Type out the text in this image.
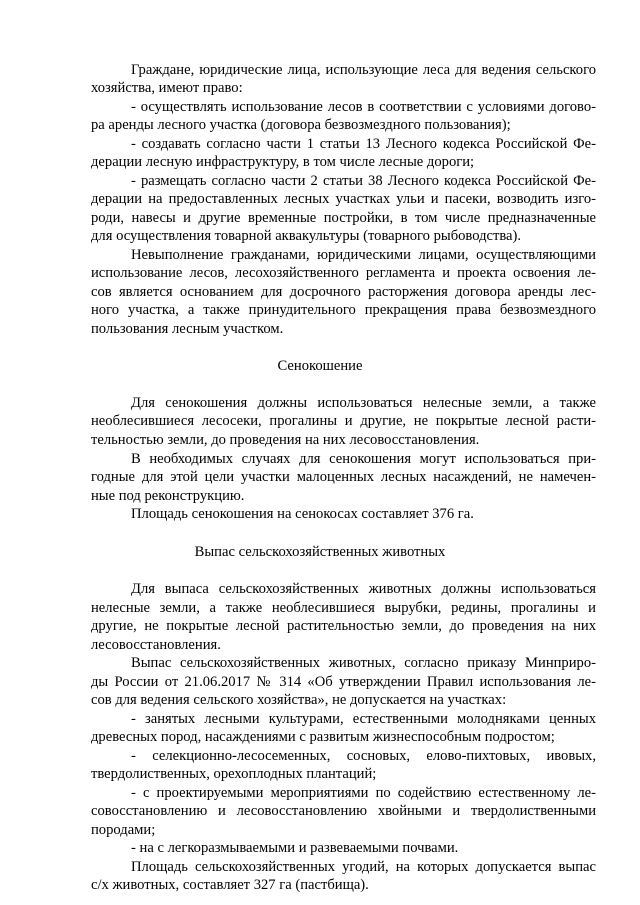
Граждане, юридические лица, использующие леса для ведения сельского
хозяйства, имеют право:
- осуществлять использование лесов в соответствии с условиями догово-
ра аренды лесного участка (договора безвозмездного пользования);
- создавать согласно части 1 статьи 13 Лесного кодекса Российской Фе-
дерации лесную инфраструктуру, в том числе лесные дороги;
- размещать согласно части 2 статьи 38 Лесного кодекса Российской Фе-
дерации на предоставленных лесных участках ульи и пасеки, возводить изго-
роди, навесы и другие временные постройки, в том числе предназначенные
для осуществления товарной аквакультуры (товарного рыбоводства).
Невыполнение гражданами, юридическими лицами, осуществляющими
использование лесов, лесохозяйственного регламента и проекта освоения ле-
сов является основанием для досрочного расторжения договора аренды лес-
ного участка, а также принудительного прекращения права безвозмездного
пользования лесным участком.
Сенокошение
Для сенокошения должны использоваться нелесные земли, а также
необлесившиеся лесосеки, прогалины и другие, не покрытые лесной расти-
тельностью земли, до проведения на них лесовосстановления.
В необходимых случаях для сенокошения могут использоваться при-
годные для этой цели участки малоценных лесных насаждений, не намечен-
ные под реконструкцию.
Площадь сенокошения на сенокосах составляет 376 га.
Выпас сельскохозяйственных животных
Для выпаса сельскохозяйственных животных должны использоваться
нелесные земли, а также необлесившиеся вырубки, редины, прогалины и
другие, не покрытые лесной растительностью земли, до проведения на них
лесовосстановления.
Выпас сельскохозяйственных животных, согласно приказу Минприро-
ды России от 21.06.2017 № 314 «Об утверждении Правил использования ле-
сов для ведения сельского хозяйства», не допускается на участках:
- занятых лесными культурами, естественными молодняками ценных
древесных пород, насаждениями с развитым жизнеспособным подростом;
- селекционно-лесосеменных, сосновых, елово-пихтовых, ивовых,
твердолиственных, орехоплодных плантаций;
- с проектируемыми мероприятиями по содействию естественному ле-
совосстановлению и лесовосстановлению хвойными и твердолиственными
породами;
- на с легкоразмываемыми и развеваемыми почвами.
Площадь сельскохозяйственных угодий, на которых допускается выпас
с/х животных, составляет 327 га (пастбища).
